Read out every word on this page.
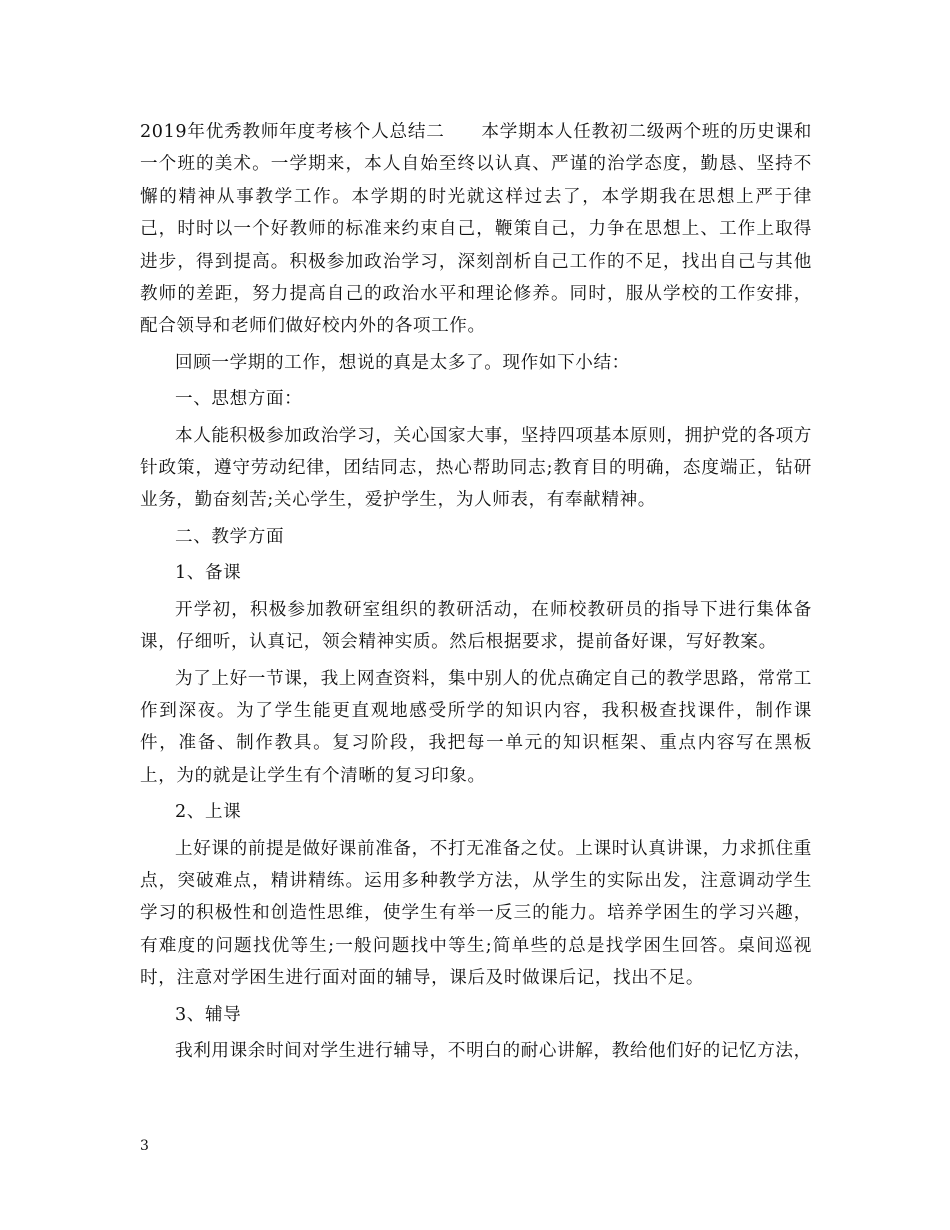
2019年优秀教师年度考核个人总结二　　本学期本人任教初二级两个班的历史课和一个班的美术。一学期来，本人自始至终以认真、严谨的治学态度，勤恳、坚持不懈的精神从事教学工作。本学期的时光就这样过去了，本学期我在思想上严于律己，时时以一个好教师的标准来约束自己，鞭策自己，力争在思想上、工作上取得进步，得到提高。积极参加政治学习，深刻剖析自己工作的不足，找出自己与其他教师的差距，努力提高自己的政治水平和理论修养。同时，服从学校的工作安排，配合领导和老师们做好校内外的各项工作。

回顾一学期的工作，想说的真是太多了。现作如下小结：

一、思想方面：

本人能积极参加政治学习，关心国家大事，坚持四项基本原则，拥护党的各项方针政策，遵守劳动纪律，团结同志，热心帮助同志;教育目的明确，态度端正，钻研业务，勤奋刻苦;关心学生，爱护学生，为人师表，有奉献精神。

二、教学方面

1、备课

开学初，积极参加教研室组织的教研活动，在师校教研员的指导下进行集体备课，仔细听，认真记，领会精神实质。然后根据要求，提前备好课，写好教案。

为了上好一节课，我上网查资料，集中别人的优点确定自己的教学思路，常常工作到深夜。为了学生能更直观地感受所学的知识内容，我积极查找课件，制作课件，准备、制作教具。复习阶段，我把每一单元的知识框架、重点内容写在黑板上，为的就是让学生有个清晰的复习印象。

2、上课

上好课的前提是做好课前准备，不打无准备之仗。上课时认真讲课，力求抓住重点，突破难点，精讲精练。运用多种教学方法，从学生的实际出发，注意调动学生学习的积极性和创造性思维，使学生有举一反三的能力。培养学困生的学习兴趣，有难度的问题找优等生;一般问题找中等生;简单些的总是找学困生回答。桌间巡视时，注意对学困生进行面对面的辅导，课后及时做课后记，找出不足。

3、辅导

我利用课余时间对学生进行辅导，不明白的耐心讲解，教给他们好的记忆方法，

3
